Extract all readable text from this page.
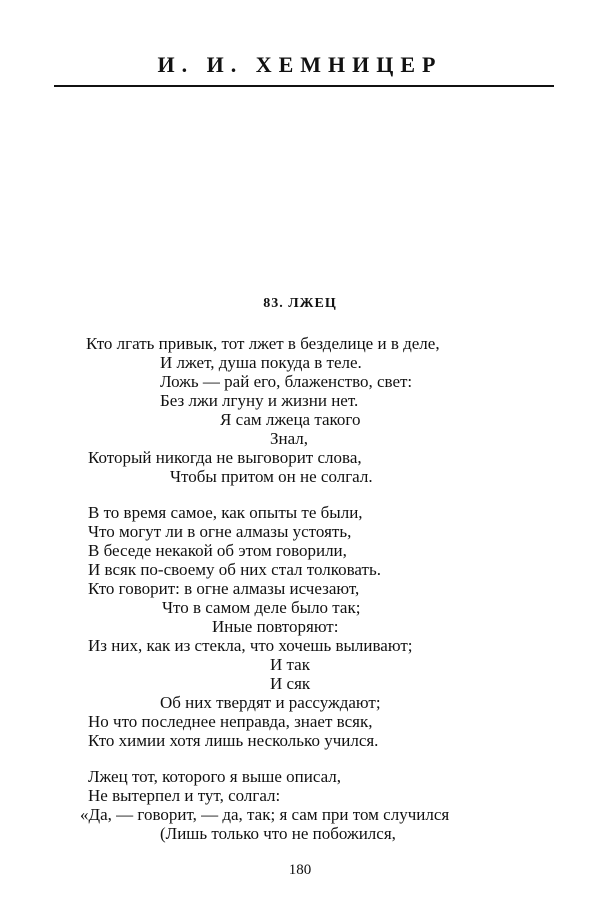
И. И. ХЕМНИЦЕР
83. ЛЖЕЦ
Кто лгать привык, тот лжет в безделице и в деле,
И лжет, душа покуда в теле.
Ложь — рай его, блаженство, свет:
Без лжи лгуну и жизни нет.
Я сам лжеца такого
Знал,
Который никогда не выговорит слова,
Чтобы притом он не солгал.
В то время самое, как опыты те были,
Что могут ли в огне алмазы устоять,
В беседе некакой об этом говорили,
И всяк по-своему об них стал толковать.
Кто говорит: в огне алмазы исчезают,
Что в самом деле было так;
Иные повторяют:
Из них, как из стекла, что хочешь выливают;
И так
И сяк
Об них твердят и рассуждают;
Но что последнее неправда, знает всяк,
Кто химии хотя лишь несколько учился.
Лжец тот, которого я выше описал,
Не вытерпел и тут, солгал:
«Да, — говорит, — да, так; я сам при том случился
(Лишь только что не побожился,
180
